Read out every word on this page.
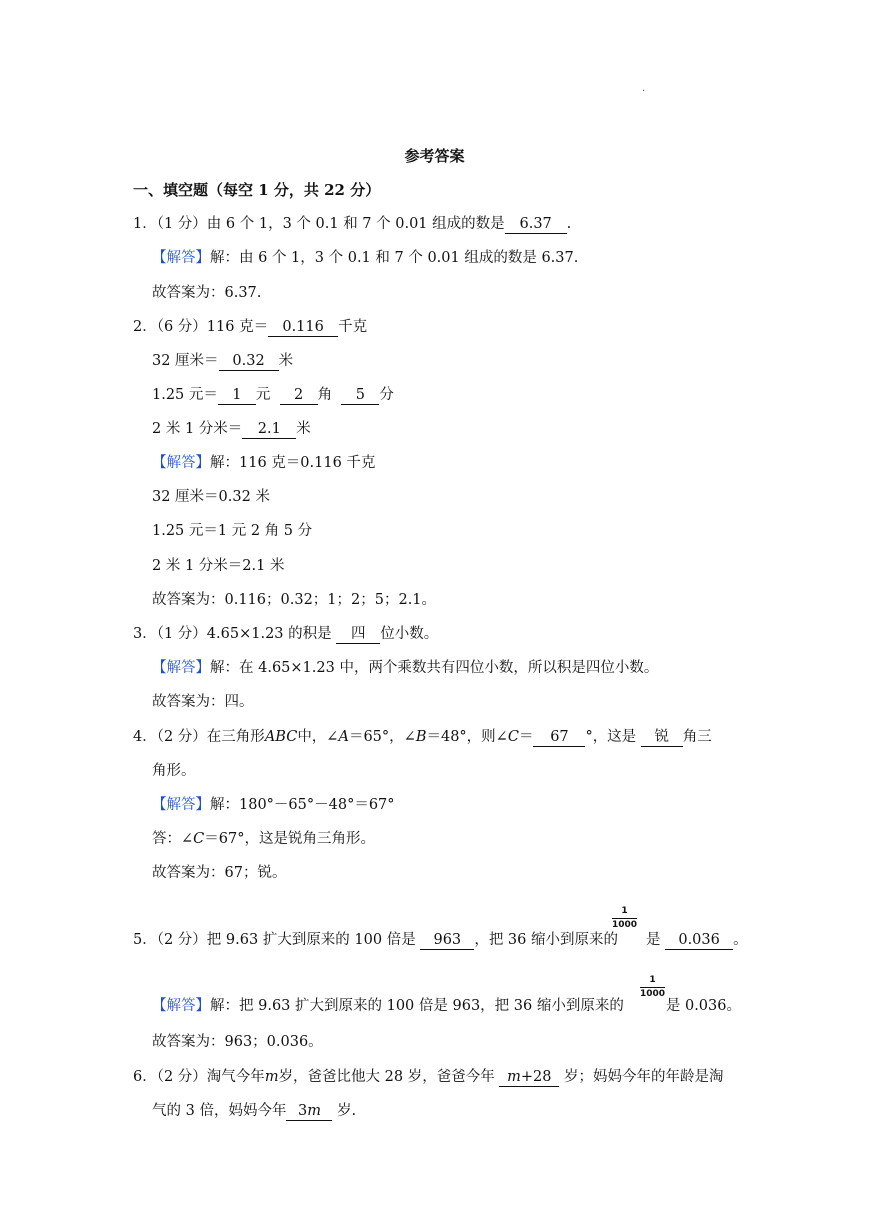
.
参考答案
一、填空题（每空 1 分，共 22 分）
1．（1 分）由 6 个 1，3 个 0.1 和 7 个 0.01 组成的数是 6.37 .
【解答】解：由 6 个 1，3 个 0.1 和 7 个 0.01 组成的数是 6.37.
故答案为：6.37.
2．（6 分）116 克＝ 0.116 千克
32 厘米＝ 0.32 米
1.25 元＝ 1 元 2 角 5 分
2 米 1 分米＝ 2.1 米
【解答】解：116 克＝0.116 千克
32 厘米＝0.32 米
1.25 元＝1 元 2 角 5 分
2 米 1 分米＝2.1 米
故答案为：0.116；0.32；1；2；5；2.1。
3．（1 分）4.65×1.23 的积是 四 位小数。
【解答】解：在 4.65×1.23 中，两个乘数共有四位小数，所以积是四位小数。
故答案为：四。
4．（2 分）在三角形ABC中，∠A＝65°，∠B＝48°，则∠C＝ 67 °，这是 锐 角三
角形。
【解答】解：180°－65°－48°＝67°
答：∠C＝67°，这是锐角三角形。
故答案为：67；锐。
5．（2 分）把 9.63 扩大到原来的 100 倍是 963 ，把 36 缩小到原来的 是 0.036 。
1
1000
【解答】解：把 9.63 扩大到原来的 100 倍是 963，把 36 缩小到原来的	是 0.036。
1
1000
故答案为：963；0.036。
6．（2 分）淘气今年m岁，爸爸比他大 28 岁，爸爸今年 m+28 岁；妈妈今年的年龄是淘
气的 3 倍，妈妈今年 3m 岁.
